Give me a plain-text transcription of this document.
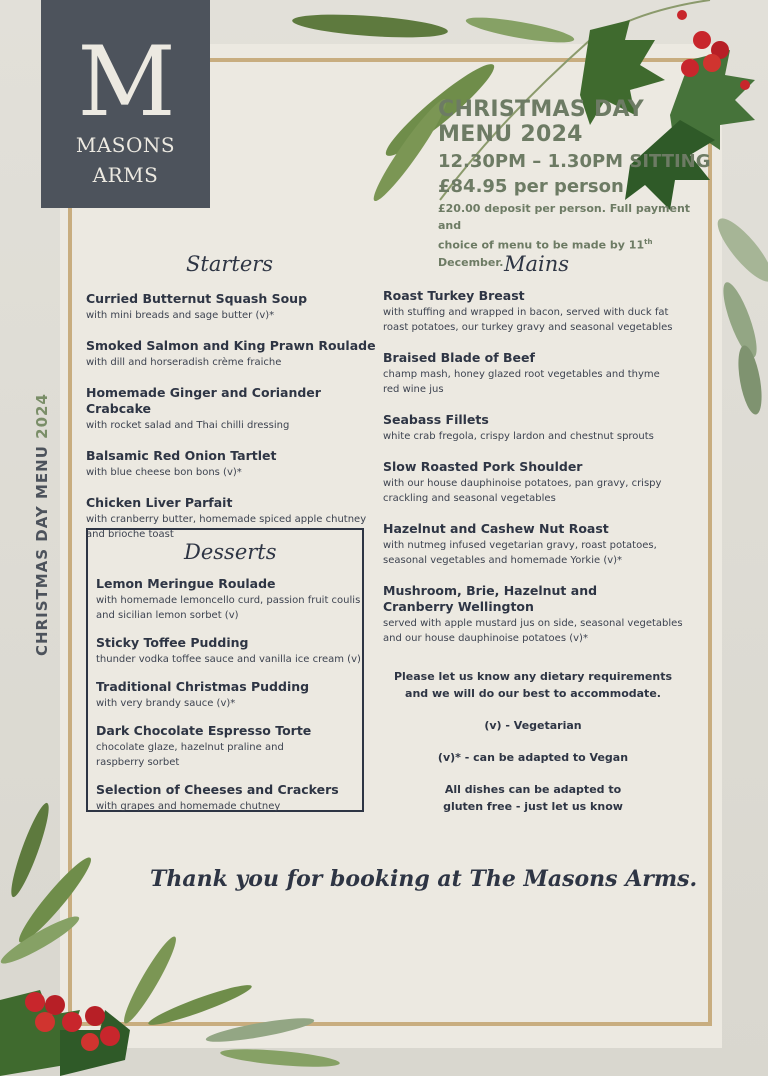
M
MASONS
ARMS
CHRISTMAS DAY MENU 2024
CHRISTMAS DAY
MENU 2024
12.30PM – 1.30PM SITTING
£84.95 per person
£20.00 deposit per person. Full payment and
choice of menu to be made by 11th December.
Starters
Curried Butternut Squash Soup
with mini breads and sage butter (v)*
Smoked Salmon and King Prawn Roulade
with dill and horseradish crème fraiche
Homemade Ginger and Coriander Crabcake
with rocket salad and Thai chilli dressing
Balsamic Red Onion Tartlet
with blue cheese bon bons (v)*
Chicken Liver Parfait
with cranberry butter, homemade spiced apple chutney
and brioche toast
Desserts
Lemon Meringue Roulade
with homemade lemoncello curd, passion fruit coulis
and sicilian lemon sorbet (v)
Sticky Toffee Pudding
thunder vodka toffee sauce and vanilla ice cream (v)
Traditional Christmas Pudding
with very brandy sauce (v)*
Dark Chocolate Espresso Torte
chocolate glaze, hazelnut praline and
raspberry sorbet
Selection of Cheeses and Crackers
with grapes and homemade chutney
Mains
Roast Turkey Breast
with stuffing and wrapped in bacon, served with duck fat
roast potatoes, our turkey gravy and seasonal vegetables
Braised Blade of Beef
champ mash, honey glazed root vegetables and thyme
red wine jus
Seabass Fillets
white crab fregola, crispy lardon and chestnut sprouts
Slow Roasted Pork Shoulder
with our house dauphinoise potatoes, pan gravy, crispy
crackling and seasonal vegetables
Hazelnut and Cashew Nut Roast
with nutmeg infused vegetarian gravy, roast potatoes,
seasonal vegetables and homemade Yorkie (v)*
Mushroom, Brie, Hazelnut and
Cranberry Wellington
served with apple mustard jus on side, seasonal vegetables
and our house dauphinoise potatoes (v)*
Please let us know any dietary requirements
and we will do our best to accommodate.
(v) - Vegetarian
(v)* - can be adapted to Vegan
All dishes can be adapted to
gluten free - just let us know
Thank you for booking at The Masons Arms.
